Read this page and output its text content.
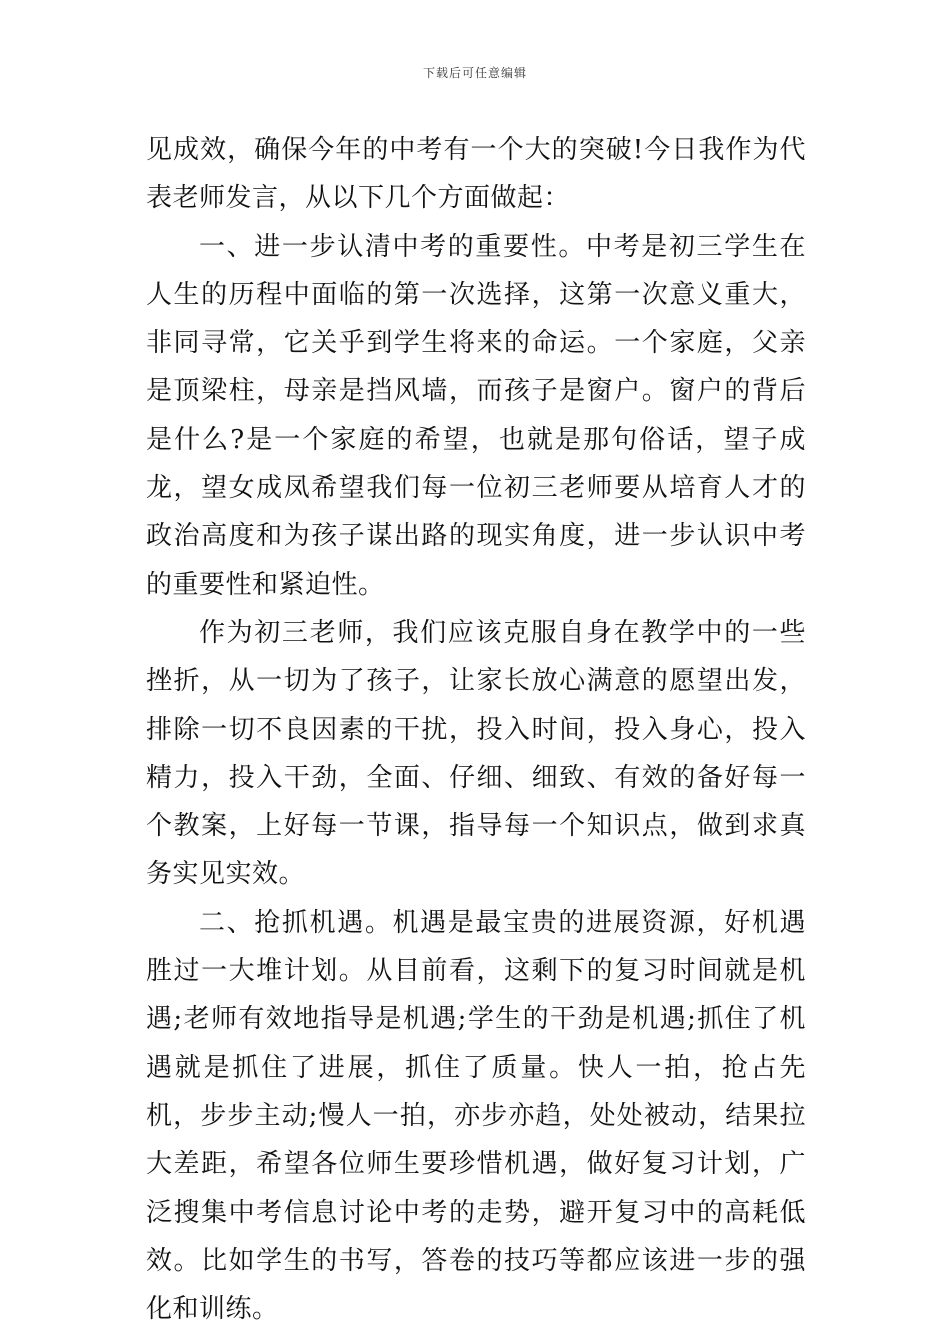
下载后可任意编辑

见成效，确保今年的中考有一个大的突破!今日我作为代表老师发言，从以下几个方面做起：

一、进一步认清中考的重要性。中考是初三学生在人生的历程中面临的第一次选择，这第一次意义重大，非同寻常，它关乎到学生将来的命运。一个家庭，父亲是顶梁柱，母亲是挡风墙，而孩子是窗户。窗户的背后是什么?是一个家庭的希望，也就是那句俗话，望子成龙，望女成凤希望我们每一位初三老师要从培育人才的政治高度和为孩子谋出路的现实角度，进一步认识中考的重要性和紧迫性。

作为初三老师，我们应该克服自身在教学中的一些挫折，从一切为了孩子，让家长放心满意的愿望出发，排除一切不良因素的干扰，投入时间，投入身心，投入精力，投入干劲，全面、仔细、细致、有效的备好每一个教案，上好每一节课，指导每一个知识点，做到求真务实见实效。

二、抢抓机遇。机遇是最宝贵的进展资源，好机遇胜过一大堆计划。从目前看，这剩下的复习时间就是机遇;老师有效地指导是机遇;学生的干劲是机遇;抓住了机遇就是抓住了进展，抓住了质量。快人一拍，抢占先机，步步主动;慢人一拍，亦步亦趋，处处被动，结果拉大差距，希望各位师生要珍惜机遇，做好复习计划，广泛搜集中考信息讨论中考的走势，避开复习中的高耗低效。比如学生的书写，答卷的技巧等都应该进一步的强化和训练。
